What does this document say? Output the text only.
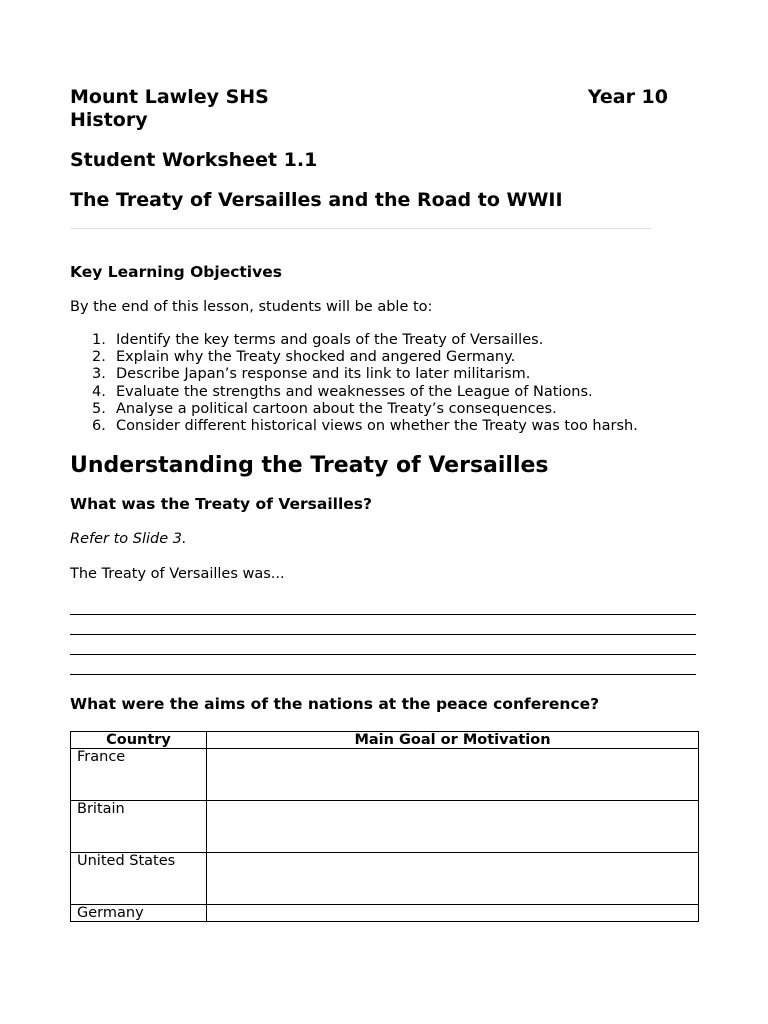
Mount Lawley SHS	Year 10
History
Student Worksheet 1.1
The Treaty of Versailles and the Road to WWII
Key Learning Objectives
By the end of this lesson, students will be able to:
1. Identify the key terms and goals of the Treaty of Versailles.
2. Explain why the Treaty shocked and angered Germany.
3. Describe Japan’s response and its link to later militarism.
4. Evaluate the strengths and weaknesses of the League of Nations.
5. Analyse a political cartoon about the Treaty’s consequences.
6. Consider different historical views on whether the Treaty was too harsh.
Understanding the Treaty of Versailles
What was the Treaty of Versailles?
Refer to Slide 3.
The Treaty of Versailles was...
What were the aims of the nations at the peace conference?
Country	Main Goal or Motivation
France	
Britain	
United States	
Germany	
